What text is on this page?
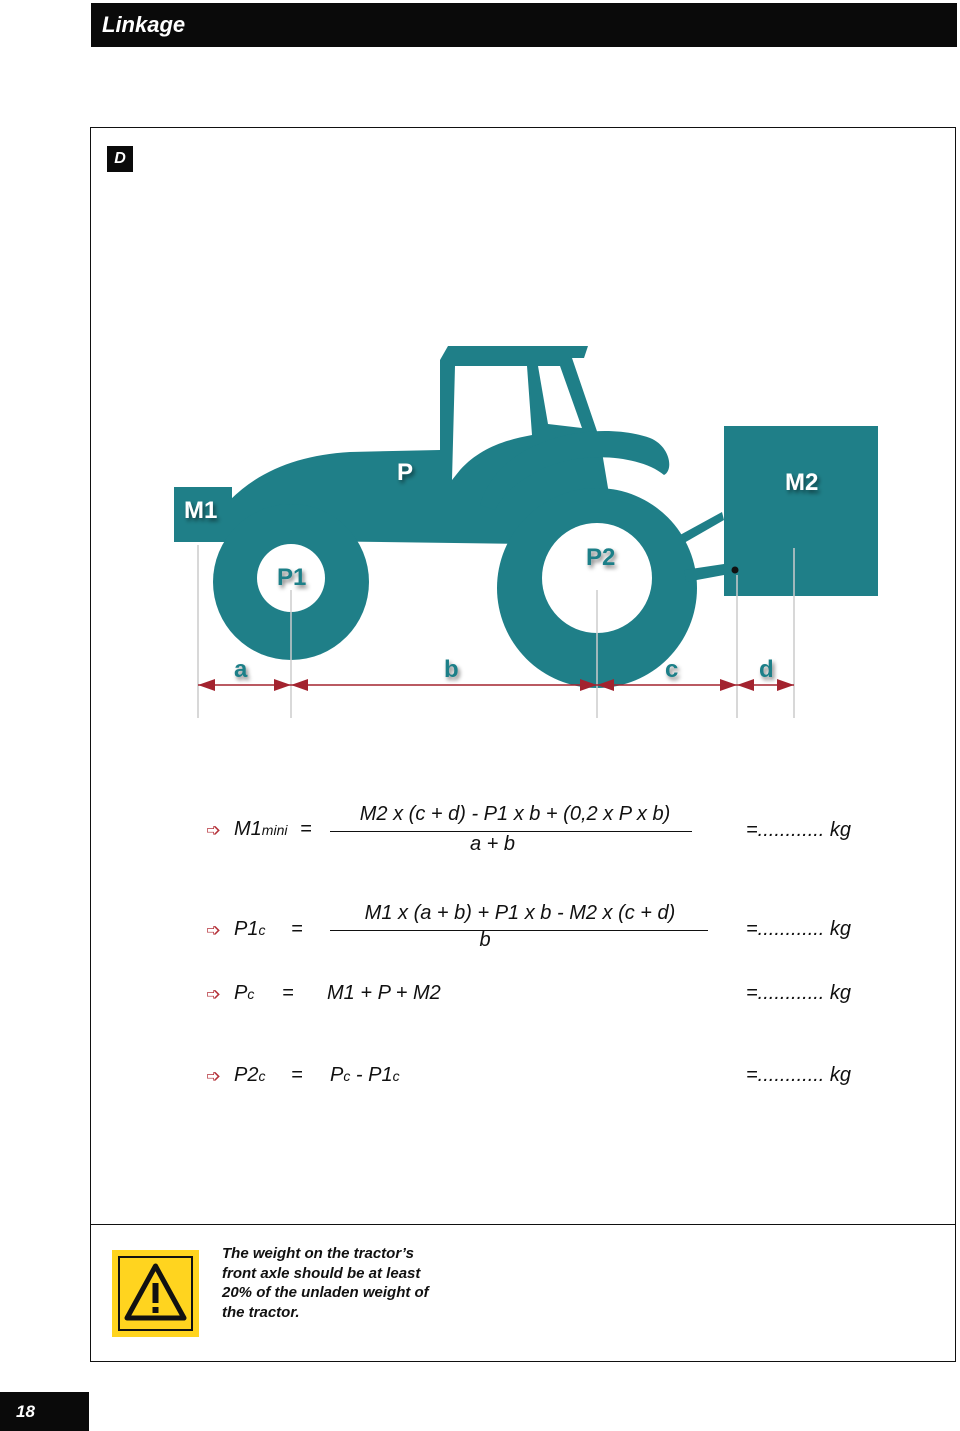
Linkage
D
M1
P	M2
P1
P2
a	b	c	d
➩ M1mini =
M2 x (c + d) - P1 x b + (0,2 x P x b)
a + b
=............ kg
➩ P1c =
M1 x (a + b) + P1 x b - M2 x (c + d)
b	=............ kg
➩ Pc = M1 + P + M2	=............ kg
➩ P2c = Pc - P1c	=............ kg
The weight on the tractor’s front axle should be at least 20% of the unladen weight of the tractor.
18
